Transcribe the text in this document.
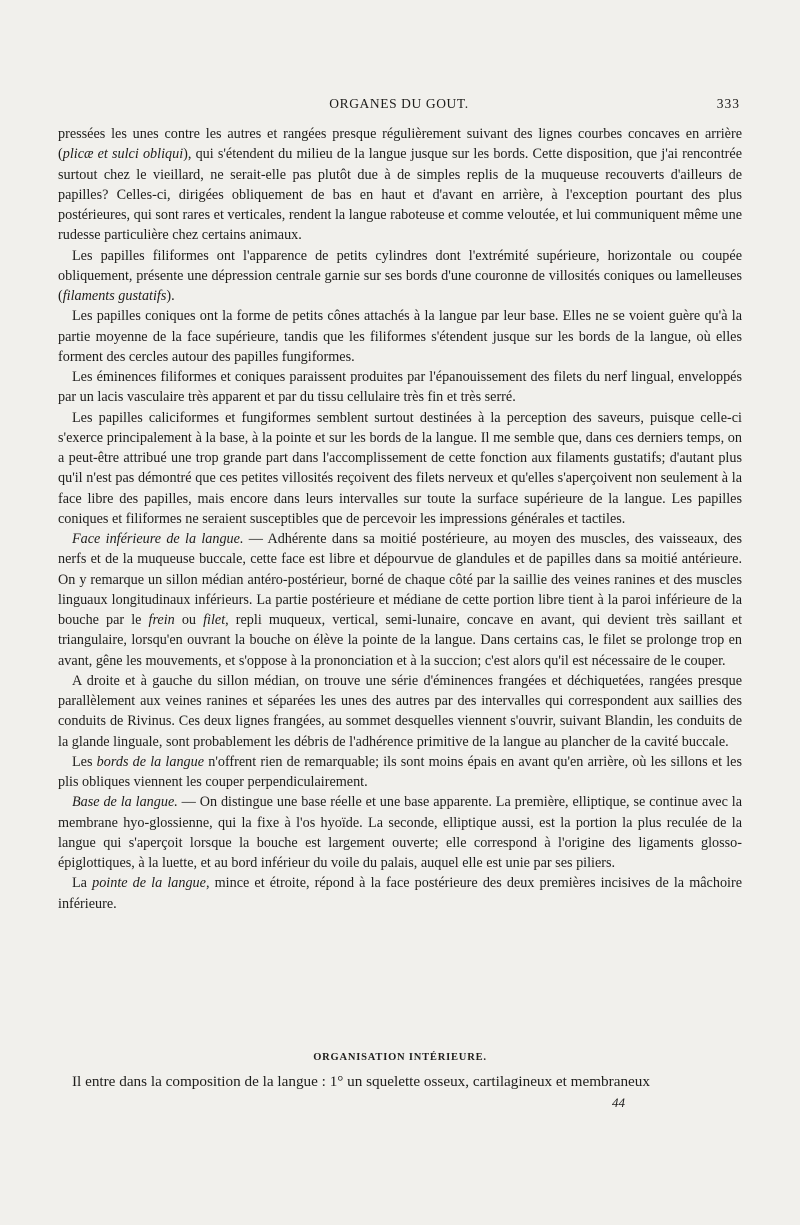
ORGANES DU GOUT.	333

pressées les unes contre les autres et rangées presque régulièrement suivant des lignes courbes concaves en arrière (plicæ et sulci obliqui), qui s'étendent du milieu de la langue jusque sur les bords. Cette disposition, que j'ai rencontrée surtout chez le vieillard, ne serait-elle pas plutôt due à de simples replis de la muqueuse recouverts d'ailleurs de papilles? Celles-ci, dirigées obliquement de bas en haut et d'avant en arrière, à l'exception pourtant des plus postérieures, qui sont rares et verticales, rendent la langue raboteuse et comme veloutée, et lui communiquent même une rudesse particulière chez certains animaux.

Les papilles filiformes ont l'apparence de petits cylindres dont l'extrémité supérieure, horizontale ou coupée obliquement, présente une dépression centrale garnie sur ses bords d'une couronne de villosités coniques ou lamelleuses (filaments gustatifs).

Les papilles coniques ont la forme de petits cônes attachés à la langue par leur base. Elles ne se voient guère qu'à la partie moyenne de la face supérieure, tandis que les filiformes s'étendent jusque sur les bords de la langue, où elles forment des cercles autour des papilles fungiformes.

Les éminences filiformes et coniques paraissent produites par l'épanouissement des filets du nerf lingual, enveloppés par un lacis vasculaire très apparent et par du tissu cellulaire très fin et très serré.

Les papilles caliciformes et fungiformes semblent surtout destinées à la perception des saveurs, puisque celle-ci s'exerce principalement à la base, à la pointe et sur les bords de la langue. Il me semble que, dans ces derniers temps, on a peut-être attribué une trop grande part dans l'accomplissement de cette fonction aux filaments gustatifs; d'autant plus qu'il n'est pas démontré que ces petites villosités reçoivent des filets nerveux et qu'elles s'aperçoivent non seulement à la face libre des papilles, mais encore dans leurs intervalles sur toute la surface supérieure de la langue. Les papilles coniques et filiformes ne seraient susceptibles que de percevoir les impressions générales et tactiles.

Face inférieure de la langue. — Adhérente dans sa moitié postérieure, au moyen des muscles, des vaisseaux, des nerfs et de la muqueuse buccale, cette face est libre et dépourvue de glandules et de papilles dans sa moitié antérieure. On y remarque un sillon médian antéro-postérieur, borné de chaque côté par la saillie des veines ranines et des muscles linguaux longitudinaux inférieurs. La partie postérieure et médiane de cette portion libre tient à la paroi inférieure de la bouche par le frein ou filet, repli muqueux, vertical, semi-lunaire, concave en avant, qui devient très saillant et triangulaire, lorsqu'en ouvrant la bouche on élève la pointe de la langue. Dans certains cas, le filet se prolonge trop en avant, gêne les mouvements, et s'oppose à la prononciation et à la succion; c'est alors qu'il est nécessaire de le couper.

A droite et à gauche du sillon médian, on trouve une série d'éminences frangées et déchiquetées, rangées presque parallèlement aux veines ranines et séparées les unes des autres par des intervalles qui correspondent aux saillies des conduits de Rivinus. Ces deux lignes frangées, au sommet desquelles viennent s'ouvrir, suivant Blandin, les conduits de la glande linguale, sont probablement les débris de l'adhérence primitive de la langue au plancher de la cavité buccale.

Les bords de la langue n'offrent rien de remarquable; ils sont moins épais en avant qu'en arrière, où les sillons et les plis obliques viennent les couper perpendiculairement.

Base de la langue. — On distingue une base réelle et une base apparente. La première, elliptique, se continue avec la membrane hyo-glossienne, qui la fixe à l'os hyoïde. La seconde, elliptique aussi, est la portion la plus reculée de la langue qui s'aperçoit lorsque la bouche est largement ouverte; elle correspond à l'origine des ligaments glosso-épiglottiques, à la luette, et au bord inférieur du voile du palais, auquel elle est unie par ses piliers.

La pointe de la langue, mince et étroite, répond à la face postérieure des deux premières incisives de la mâchoire inférieure.

ORGANISATION INTÉRIEURE.
Il entre dans la composition de la langue : 1° un squelette osseux, cartilagineux et membraneux
44
